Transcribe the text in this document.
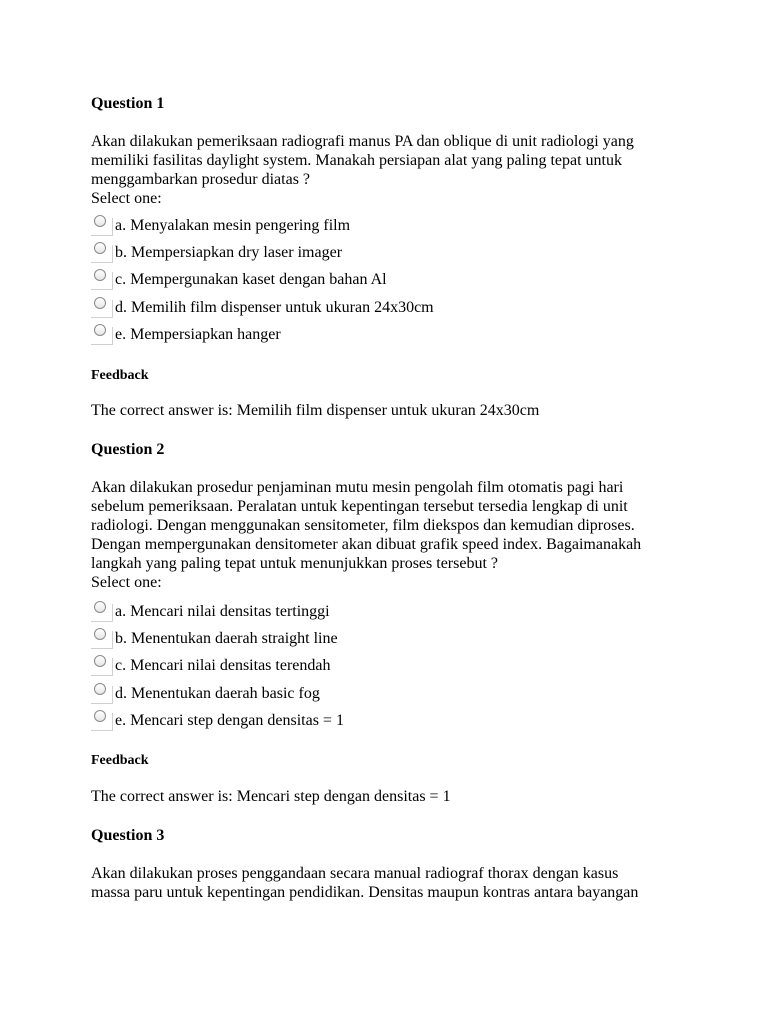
Question 1

Akan dilakukan pemeriksaan radiografi manus PA dan oblique di unit radiologi yang

memiliki fasilitas daylight system. Manakah persiapan alat yang paling tepat untuk

menggambarkan prosedur diatas ?

Select one:

a. Menyalakan mesin pengering film
b. Mempersiapkan dry laser imager
c. Mempergunakan kaset dengan bahan Al
d. Memilih film dispenser untuk ukuran 24x30cm
e. Mempersiapkan hanger

Feedback

The correct answer is: Memilih film dispenser untuk ukuran 24x30cm

Question 2

Akan dilakukan prosedur penjaminan mutu mesin pengolah film otomatis pagi hari

sebelum pemeriksaan. Peralatan untuk kepentingan tersebut tersedia lengkap di unit

radiologi. Dengan menggunakan sensitometer, film diekspos dan kemudian diproses.

Dengan mempergunakan densitometer akan dibuat grafik speed index. Bagaimanakah

langkah yang paling tepat untuk menunjukkan proses tersebut ?

Select one:

a. Mencari nilai densitas tertinggi
b. Menentukan daerah straight line
c. Mencari nilai densitas terendah
d. Menentukan daerah basic fog
e. Mencari step dengan densitas = 1

Feedback

The correct answer is: Mencari step dengan densitas = 1

Question 3

Akan dilakukan proses penggandaan secara manual radiograf thorax dengan kasus

massa paru untuk kepentingan pendidikan. Densitas maupun kontras antara bayangan
